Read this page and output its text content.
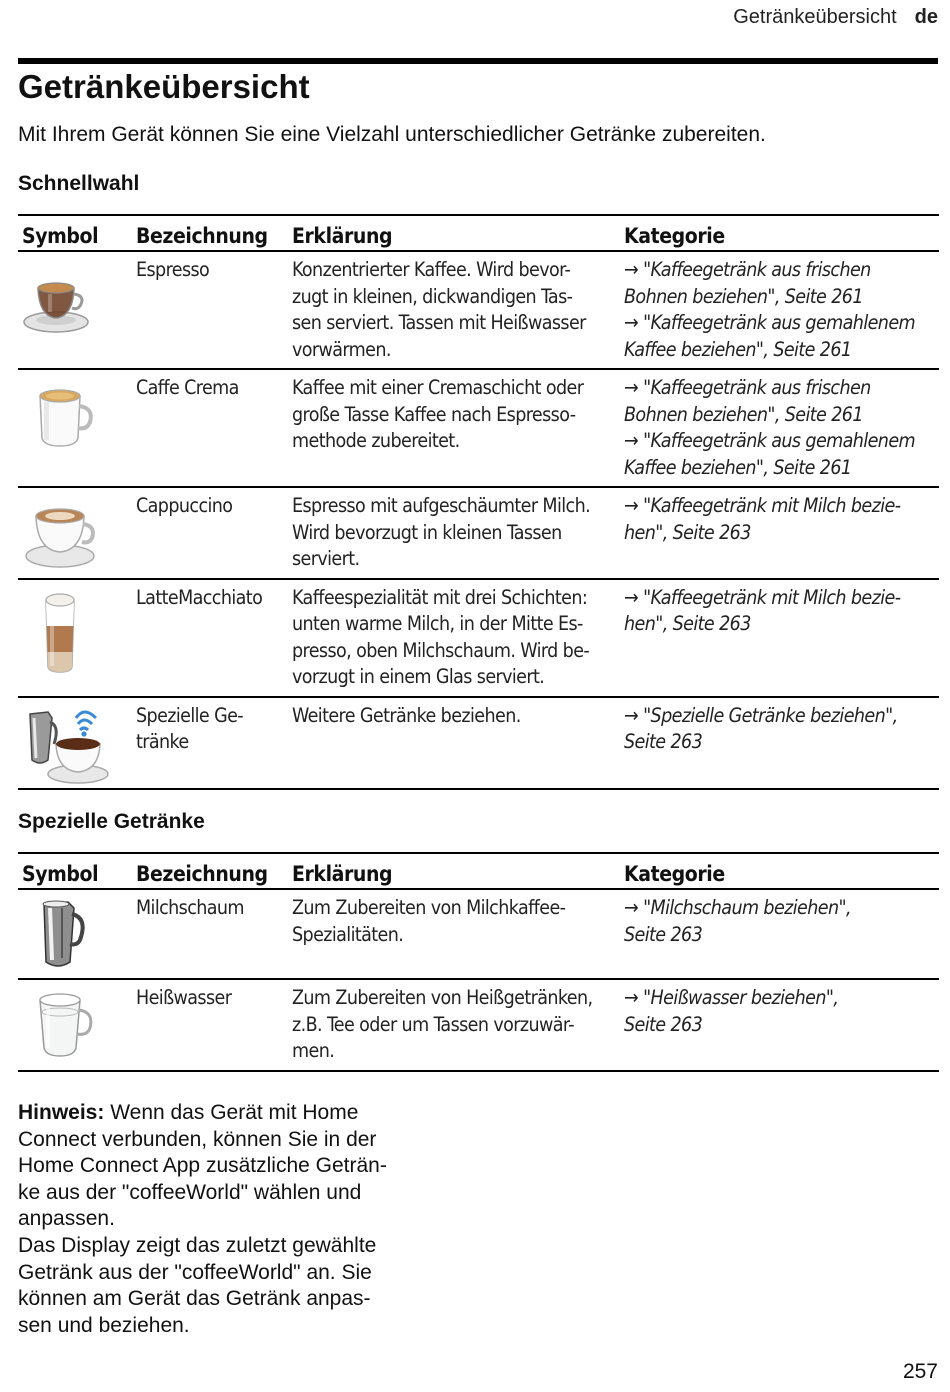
Getränkeübersicht de
Getränkeübersicht

Mit Ihrem Gerät können Sie eine Vielzahl unterschiedlicher Getränke zubereiten.

Schnellwahl
Symbol	Bezeichnung	Erklärung	Kategorie

Espresso	Konzentrierter Kaffee. Wird bevor-
zugt in kleinen, dickwandigen Tas-
sen serviert. Tassen mit Heißwasser
vorwärmen.	→ "Kaffeegetränk aus frischen
Bohnen beziehen", Seite 261
→ "Kaffeegetränk aus gemahlenem
Kaffee beziehen", Seite 261

Caffe Crema	Kaffee mit einer Cremaschicht oder
große Tasse Kaffee nach Espresso-
methode zubereitet.	→ "Kaffeegetränk aus frischen
Bohnen beziehen", Seite 261
→ "Kaffeegetränk aus gemahlenem
Kaffee beziehen", Seite 261

Cappuccino	Espresso mit aufgeschäumter Milch.
Wird bevorzugt in kleinen Tassen
serviert.	→ "Kaffeegetränk mit Milch bezie-
hen", Seite 263

LatteMacchiato	Kaffeespezialität mit drei Schichten:
unten warme Milch, in der Mitte Es-
presso, oben Milchschaum. Wird be-
vorzugt in einem Glas serviert.	→ "Kaffeegetränk mit Milch bezie-
hen", Seite 263

Spezielle Ge-
tränke	Weitere Getränke beziehen.	→ "Spezielle Getränke beziehen",
Seite 263
Spezielle Getränke
Symbol	Bezeichnung	Erklärung	Kategorie

Milchschaum	Zum Zubereiten von Milchkaffee-
Spezialitäten.	→ "Milchschaum beziehen",
Seite 263

Heißwasser	Zum Zubereiten von Heißgetränken,
z.B. Tee oder um Tassen vorzuwär-
men.	→ "Heißwasser beziehen",
Seite 263
Hinweis: Wenn das Gerät mit Home
Connect verbunden, können Sie in der
Home Connect App zusätzliche Geträn-
ke aus der "coffeeWorld" wählen und
anpassen.
Das Display zeigt das zuletzt gewählte
Getränk aus der "coffeeWorld" an. Sie
können am Gerät das Getränk anpas-
sen und beziehen.
257
